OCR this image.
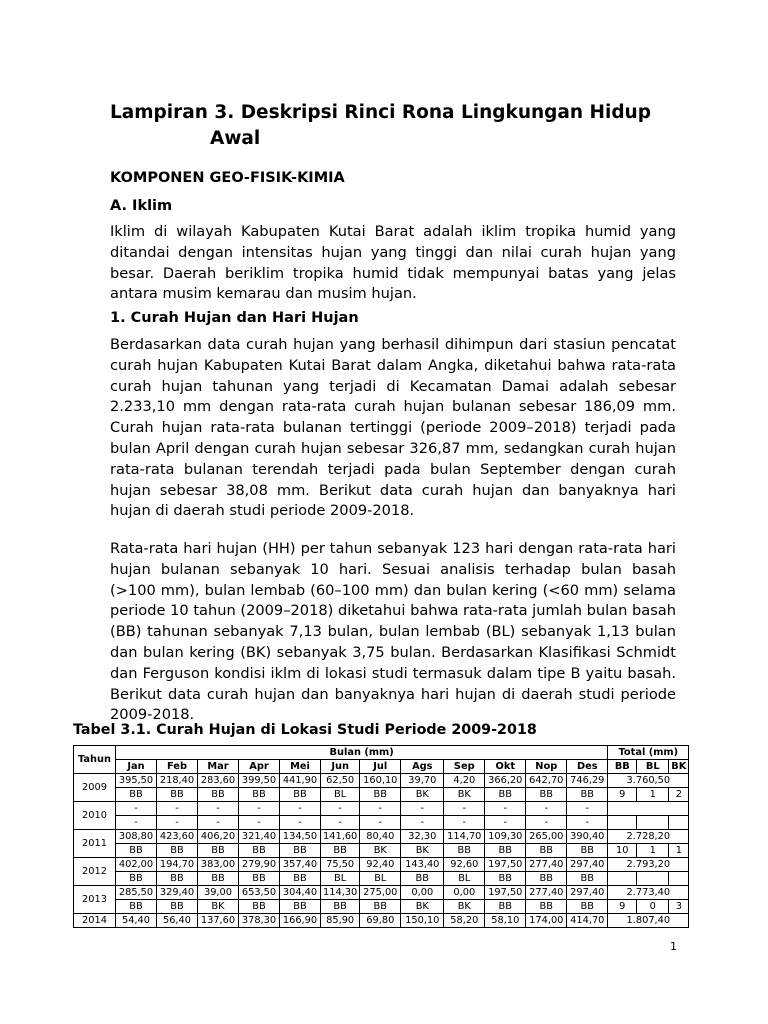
Lampiran 3. Deskripsi Rinci Rona Lingkungan Hidup
Awal
KOMPONEN GEO-FISIK-KIMIA
A. Iklim

Iklim di wilayah Kabupaten Kutai Barat adalah iklim tropika humid yang ditandai dengan intensitas hujan yang tinggi dan nilai curah hujan yang besar. Daerah beriklim tropika humid tidak mempunyai batas yang jelas antara musim kemarau dan musim hujan.

1. Curah Hujan dan Hari Hujan

Berdasarkan data curah hujan yang berhasil dihimpun dari stasiun pencatat curah hujan Kabupaten Kutai Barat dalam Angka, diketahui bahwa rata-rata curah hujan tahunan yang terjadi di Kecamatan Damai adalah sebesar 2.233,10 mm dengan rata-rata curah hujan bulanan sebesar 186,09 mm. Curah hujan rata-rata bulanan tertinggi (periode 2009–2018) terjadi pada bulan April dengan curah hujan sebesar 326,87 mm, sedangkan curah hujan rata-rata bulanan terendah terjadi pada bulan September dengan curah hujan sebesar 38,08 mm. Berikut data curah hujan dan banyaknya hari hujan di daerah studi periode 2009-2018.

Rata-rata hari hujan (HH) per tahun sebanyak 123 hari dengan rata-rata hari hujan bulanan sebanyak 10 hari. Sesuai analisis terhadap bulan basah (>100 mm), bulan lembab (60–100 mm) dan bulan kering (<60 mm) selama periode 10 tahun (2009–2018) diketahui bahwa rata-rata jumlah bulan basah (BB) tahunan sebanyak 7,13 bulan, bulan lembab (BL) sebanyak 1,13 bulan dan bulan kering (BK) sebanyak 3,75 bulan. Berdasarkan Klasifikasi Schmidt dan Ferguson kondisi iklm di lokasi studi termasuk dalam tipe B yaitu basah. Berikut data curah hujan dan banyaknya hari hujan di daerah studi periode 2009-2018.

Tabel 3.1. Curah Hujan di Lokasi Studi Periode 2009-2018
Tahun	Bulan (mm)												Total (mm)		
	Jan	Feb	Mar	Apr	Mei	Jun	Jul	Ags	Sep	Okt	Nop	Des	BB	BL	BK
2009	395,50	218,40	283,60	399,50	441,90	62,50	160,10	39,70	4,20	366,20	642,70	746,29	3.760,50		
	BB	BB	BB	BB	BB	BL	BB	BK	BK	BB	BB	BB	9	1	2
2010	-	-	-	-	-	-	-	-	-	-	-	-			
	-	-	-	-	-	-	-	-	-	-	-	-			
2011	308,80	423,60	406,20	321,40	134,50	141,60	80,40	32,30	114,70	109,30	265,00	390,40	2.728,20		
	BB	BB	BB	BB	BB	BB	BK	BK	BB	BB	BB	BB	10	1	1
2012	402,00	194,70	383,00	279,90	357,40	75,50	92,40	143,40	92,60	197,50	277,40	297,40	2.793,20		
	BB	BB	BB	BB	BB	BL	BL	BB	BL	BB	BB	BB			
2013	285,50	329,40	39,00	653,50	304,40	114,30	275,00	0,00	0,00	197,50	277,40	297,40	2.773,40		
	BB	BB	BK	BB	BB	BB	BB	BK	BK	BB	BB	BB	9	0	3
2014	54,40	56,40	137,60	378,30	166,90	85,90	69,80	150,10	58,20	58,10	174,00	414,70	1.807,40		
1
